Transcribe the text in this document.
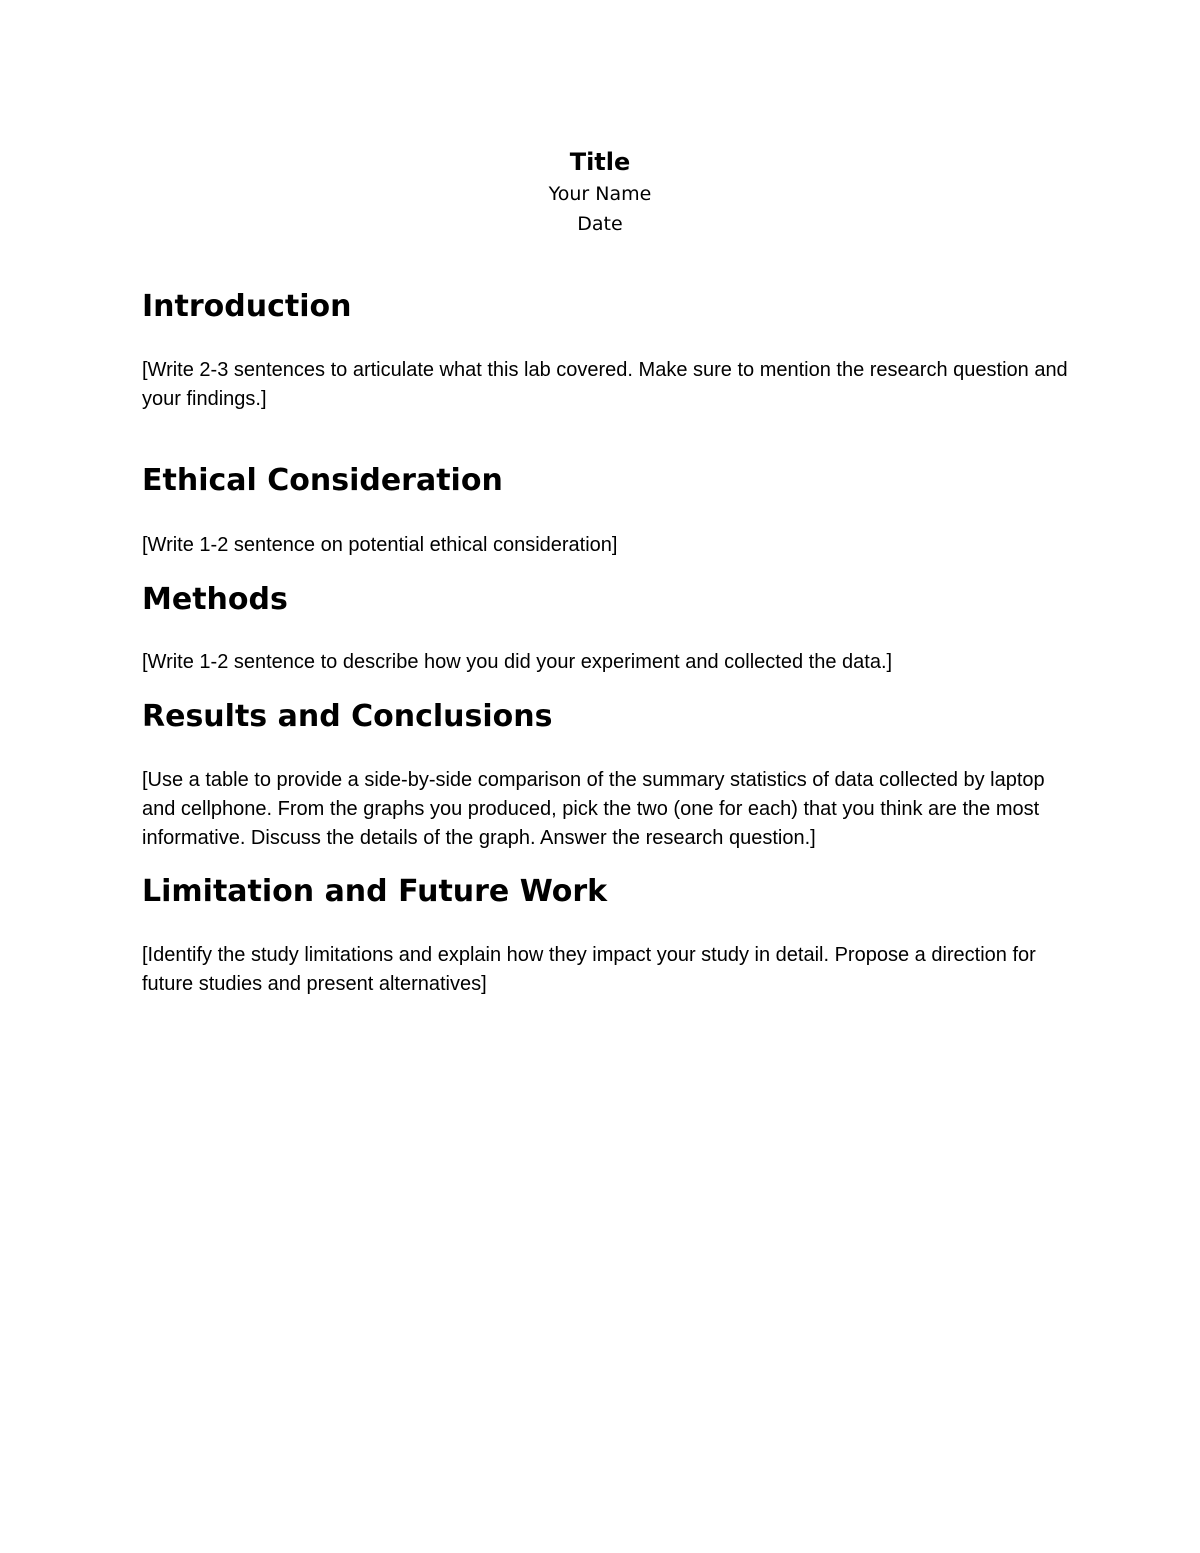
Title
Your Name
Date
Introduction

[Write 2-3 sentences to articulate what this lab covered. Make sure to mention the research question and your findings.]

Ethical Consideration

[Write 1-2 sentence on potential ethical consideration]

Methods

[Write 1-2 sentence to describe how you did your experiment and collected the data.]

Results and Conclusions

[Use a table to provide a side-by-side comparison of the summary statistics of data collected by laptop and cellphone. From the graphs you produced, pick the two (one for each) that you think are the most informative. Discuss the details of the graph. Answer the research question.]

Limitation and Future Work

[Identify the study limitations and explain how they impact your study in detail. Propose a direction for future studies and present alternatives]
